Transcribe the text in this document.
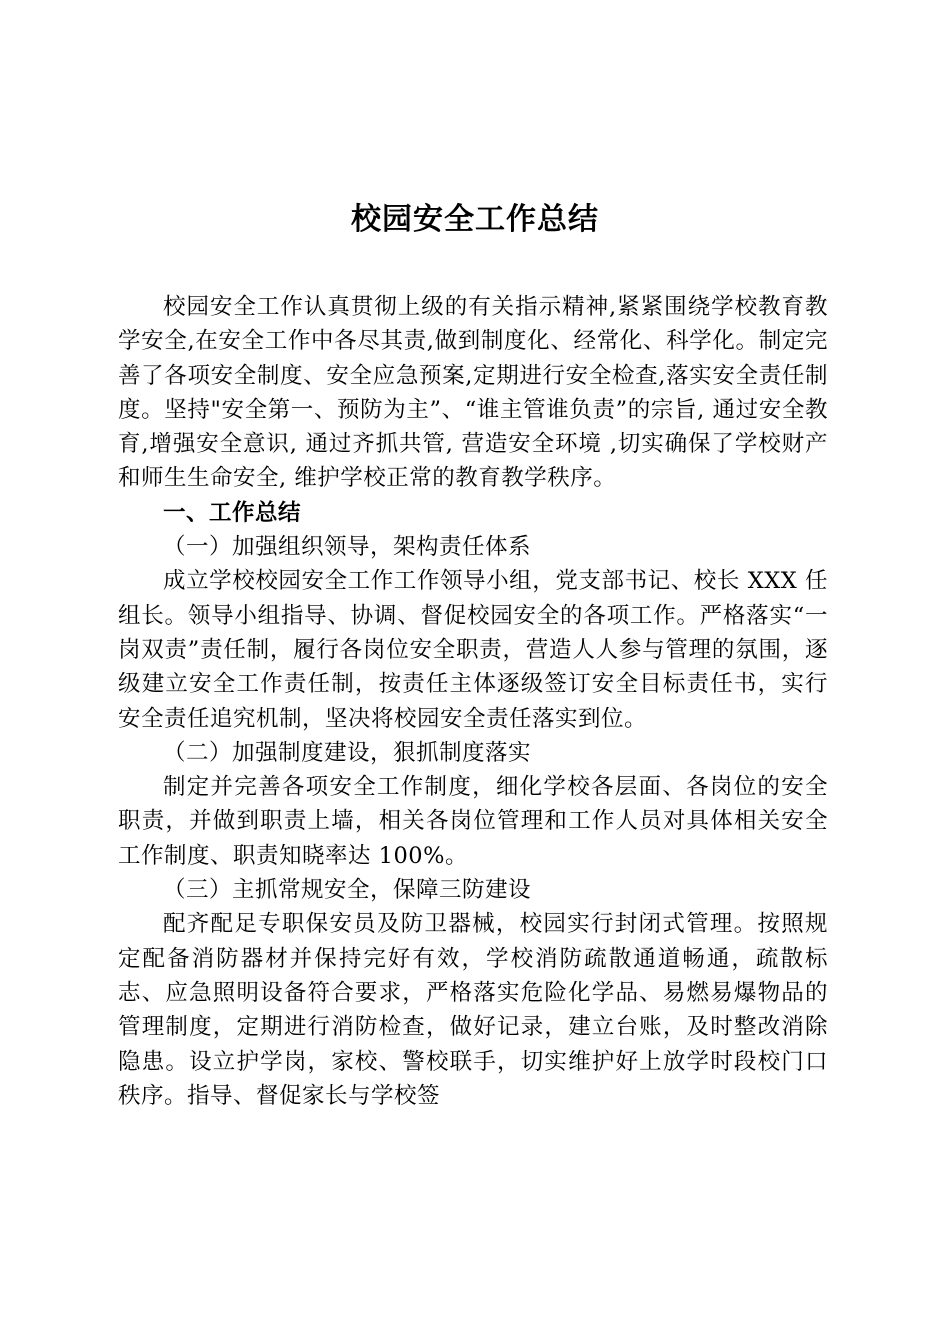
校园安全工作总结

校园安全工作认真贯彻上级的有关指示精神,紧紧围绕学校教育教学安全,在安全工作中各尽其责,做到制度化、经常化、科学化。制定完善了各项安全制度、安全应急预案,定期进行安全检查,落实安全责任制度。坚持"安全第一、预防为主”、“谁主管谁负责”的宗旨, 通过安全教育,增强安全意识, 通过齐抓共管, 营造安全环境 ,切实确保了学校财产和师生生命安全, 维护学校正常的教育教学秩序。

一、工作总结

（一）加强组织领导，架构责任体系

成立学校校园安全工作工作领导小组，党支部书记、校长 XXX 任组长。领导小组指导、协调、督促校园安全的各项工作。严格落实“一岗双责”责任制，履行各岗位安全职责，营造人人参与管理的氛围，逐级建立安全工作责任制，按责任主体逐级签订安全目标责任书，实行安全责任追究机制，坚决将校园安全责任落实到位。

（二）加强制度建设，狠抓制度落实

制定并完善各项安全工作制度，细化学校各层面、各岗位的安全职责，并做到职责上墙，相关各岗位管理和工作人员对具体相关安全工作制度、职责知晓率达 100%。

（三）主抓常规安全，保障三防建设

配齐配足专职保安员及防卫器械，校园实行封闭式管理。按照规定配备消防器材并保持完好有效，学校消防疏散通道畅通，疏散标志、应急照明设备符合要求，严格落实危险化学品、易燃易爆物品的管理制度，定期进行消防检查，做好记录，建立台账，及时整改消除隐患。设立护学岗，家校、警校联手，切实维护好上放学时段校门口秩序。指导、督促家长与学校签
